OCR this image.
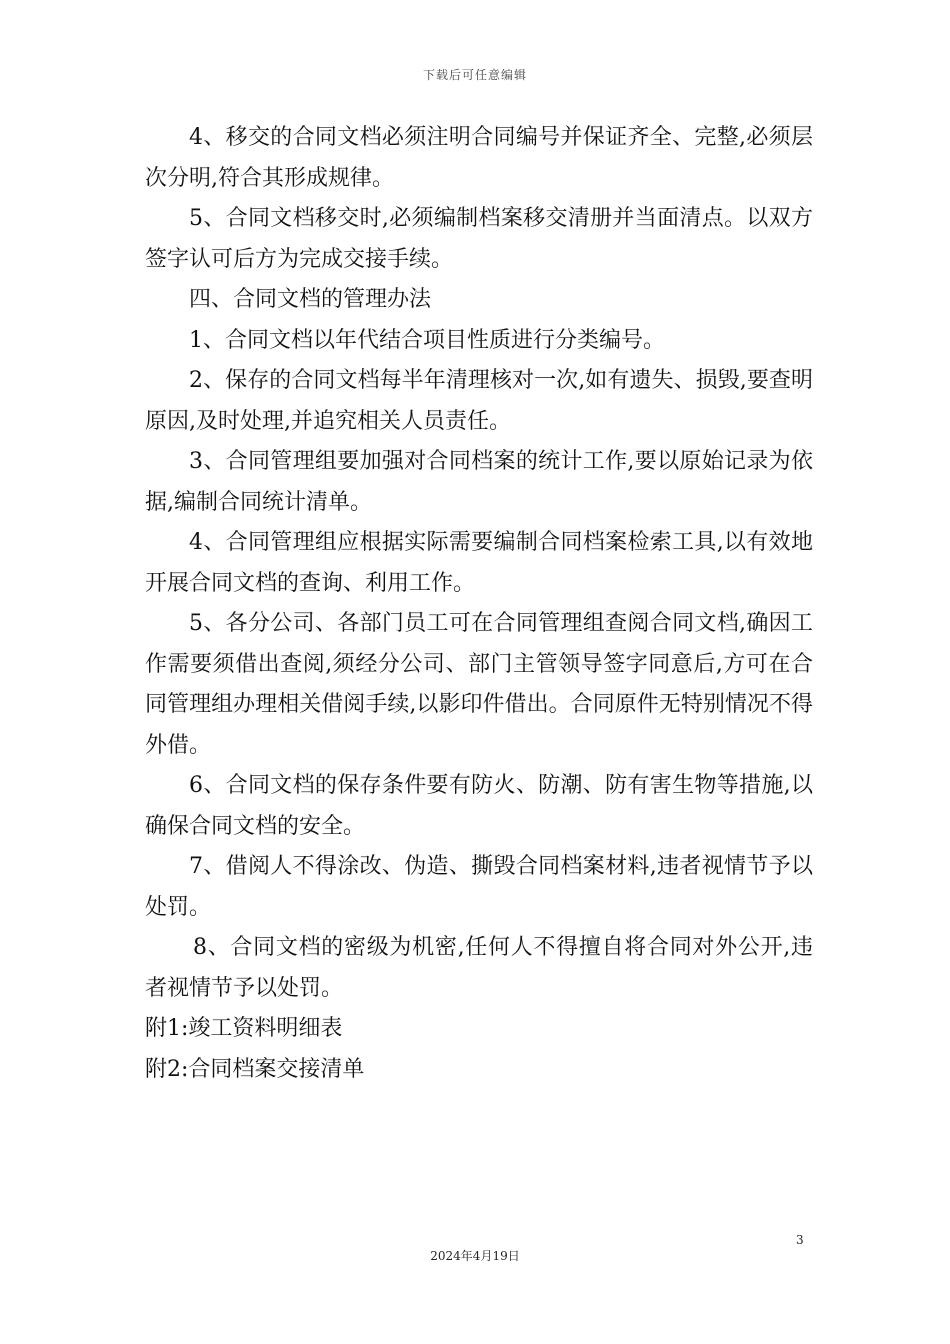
下载后可任意编辑

4、移交的合同文档必须注明合同编号并保证齐全、完整,必须层次分明,符合其形成规律。

5、合同文档移交时,必须编制档案移交清册并当面清点。以双方签字认可后方为完成交接手续。

四、合同文档的管理办法

1、合同文档以年代结合项目性质进行分类编号。

2、保存的合同文档每半年清理核对一次,如有遗失、损毁,要查明原因,及时处理,并追究相关人员责任。

3、合同管理组要加强对合同档案的统计工作,要以原始记录为依据,编制合同统计清单。

4、合同管理组应根据实际需要编制合同档案检索工具,以有效地开展合同文档的查询、利用工作。

5、各分公司、各部门员工可在合同管理组查阅合同文档,确因工作需要须借出查阅,须经分公司、部门主管领导签字同意后,方可在合同管理组办理相关借阅手续,以影印件借出。合同原件无特别情况不得外借。

6、合同文档的保存条件要有防火、防潮、防有害生物等措施,以确保合同文档的安全。

7、借阅人不得涂改、伪造、撕毁合同档案材料,违者视情节予以处罚。

8、合同文档的密级为机密,任何人不得擅自将合同对外公开,违者视情节予以处罚。

附1:竣工资料明细表

附2:合同档案交接清单

3
2024年4月19日
